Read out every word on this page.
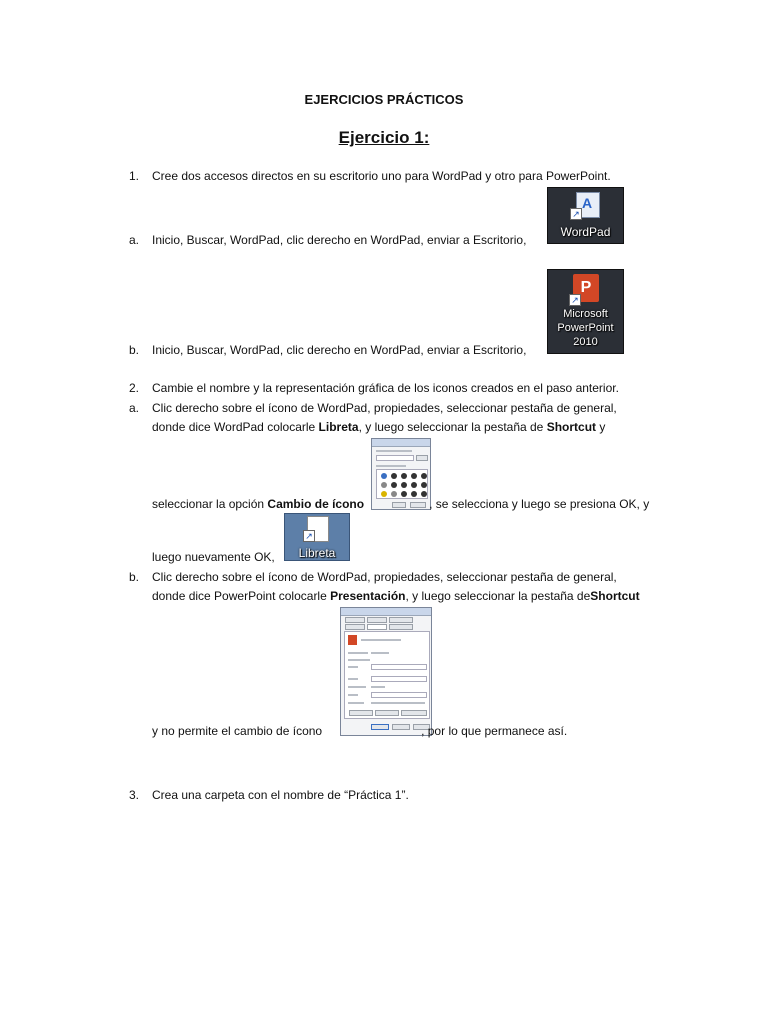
EJERCICIOS PRÁCTICOS
Ejercicio 1:
1. Cree dos accesos directos en su escritorio uno para WordPad y otro para PowerPoint.
a. Inicio, Buscar, WordPad, clic derecho en WordPad, enviar a Escritorio,
A
↗
WordPad
b. Inicio, Buscar, WordPad, clic derecho en WordPad, enviar a Escritorio,
P
↗
Microsoft
PowerPoint
2010
2. Cambie el nombre y la representación gráfica de los iconos creados en el paso anterior.
a. Clic derecho sobre el ícono de WordPad, propiedades, seleccionar pestaña de general,
donde dice WordPad colocarle Libreta, y luego seleccionar la pestaña de Shortcut y
seleccionar la opción Cambio de ícono	, se selecciona y luego se presiona OK, y
luego nuevamente OK,
↗
Libreta
b. Clic derecho sobre el ícono de WordPad, propiedades, seleccionar pestaña de general,
donde dice PowerPoint colocarle Presentación, y luego seleccionar la pestaña deShortcut
y no permite el cambio de ícono	, por lo que permanece así.
3. Crea una carpeta con el nombre de “Práctica 1”.
